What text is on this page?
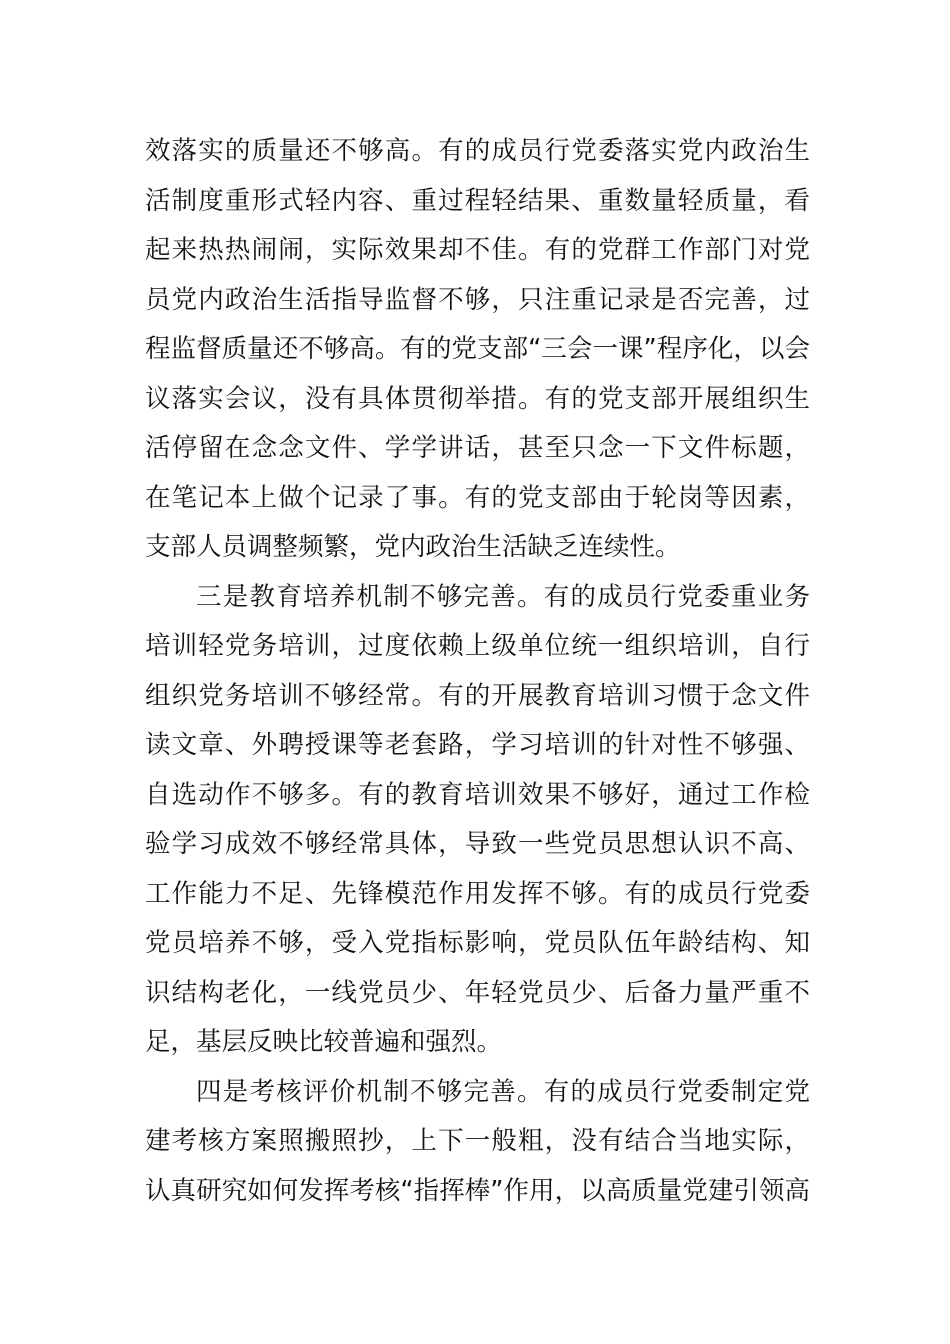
效落实的质量还不够高。有的成员行党委落实党内政治生
活制度重形式轻内容、重过程轻结果、重数量轻质量，看
起来热热闹闹，实际效果却不佳。有的党群工作部门对党
员党内政治生活指导监督不够，只注重记录是否完善，过
程监督质量还不够高。有的党支部“三会一课”程序化，以会
议落实会议，没有具体贯彻举措。有的党支部开展组织生
活停留在念念文件、学学讲话，甚至只念一下文件标题，
在笔记本上做个记录了事。有的党支部由于轮岗等因素，
支部人员调整频繁，党内政治生活缺乏连续性。
三是教育培养机制不够完善。有的成员行党委重业务
培训轻党务培训，过度依赖上级单位统一组织培训，自行
组织党务培训不够经常。有的开展教育培训习惯于念文件
读文章、外聘授课等老套路，学习培训的针对性不够强、
自选动作不够多。有的教育培训效果不够好，通过工作检
验学习成效不够经常具体，导致一些党员思想认识不高、
工作能力不足、先锋模范作用发挥不够。有的成员行党委
党员培养不够，受入党指标影响，党员队伍年龄结构、知
识结构老化，一线党员少、年轻党员少、后备力量严重不
足，基层反映比较普遍和强烈。
四是考核评价机制不够完善。有的成员行党委制定党
建考核方案照搬照抄，上下一般粗，没有结合当地实际，
认真研究如何发挥考核“指挥棒”作用，以高质量党建引领高
